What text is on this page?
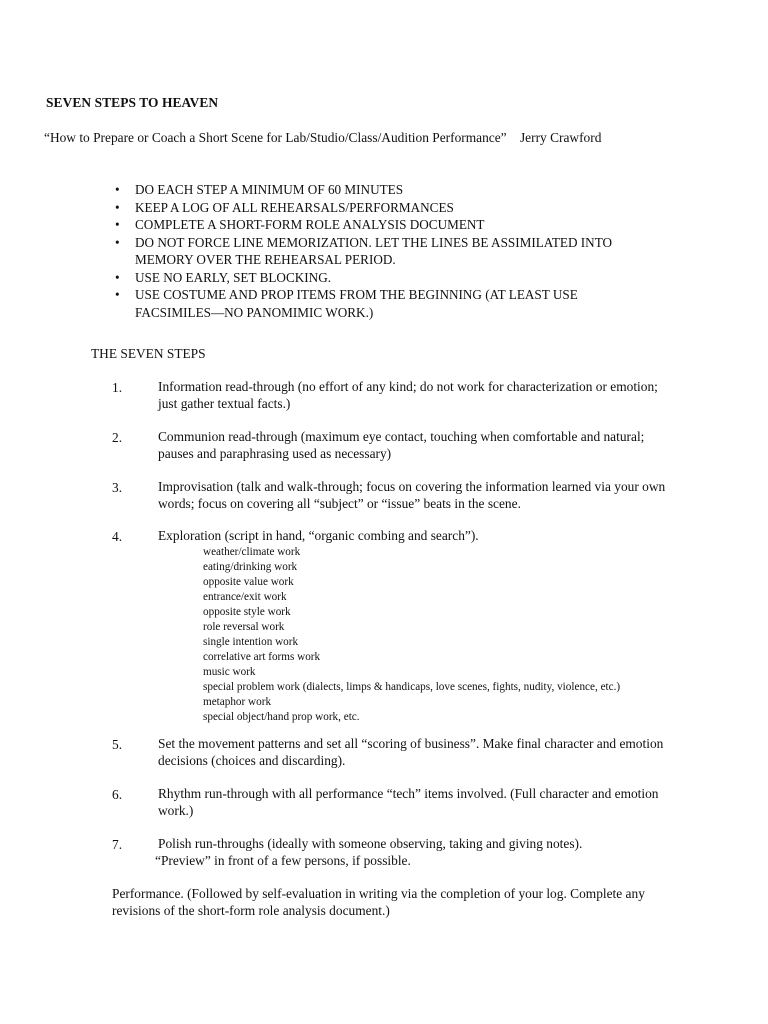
SEVEN STEPS TO HEAVEN
“How to Prepare or Coach a Short Scene for Lab/Studio/Class/Audition Performance” Jerry Crawford
• DO EACH STEP A MINIMUM OF 60 MINUTES
• KEEP A LOG OF ALL REHEARSALS/PERFORMANCES
• COMPLETE A SHORT-FORM ROLE ANALYSIS DOCUMENT
• DO NOT FORCE LINE MEMORIZATION. LET THE LINES BE ASSIMILATED INTO MEMORY OVER THE REHEARSAL PERIOD.
• USE NO EARLY, SET BLOCKING.
• USE COSTUME AND PROP ITEMS FROM THE BEGINNING (AT LEAST USE FACSIMILES—NO PANOMIMIC WORK.)
THE SEVEN STEPS
1.	Information read-through (no effort of any kind; do not work for characterization or emotion; just gather textual facts.)
2.	Communion read-through (maximum eye contact, touching when comfortable and natural; pauses and paraphrasing used as necessary)
3.	Improvisation (talk and walk-through; focus on covering the information learned via your own words; focus on covering all “subject” or “issue” beats in the scene.
4.	Exploration (script in hand, “organic combing and search”).
weather/climate work
eating/drinking work
opposite value work
entrance/exit work
opposite style work
role reversal work
single intention work
correlative art forms work
music work
special problem work (dialects, limps & handicaps, love scenes, fights, nudity, violence, etc.)
metaphor work
special object/hand prop work, etc.
5.	Set the movement patterns and set all “scoring of business”. Make final character and emotion decisions (choices and discarding).
6.	Rhythm run-through with all performance “tech” items involved. (Full character and emotion work.)
7.	Polish run-throughs (ideally with someone observing, taking and giving notes).
“Preview” in front of a few persons, if possible.
Performance. (Followed by self-evaluation in writing via the completion of your log. Complete any revisions of the short-form role analysis document.)
